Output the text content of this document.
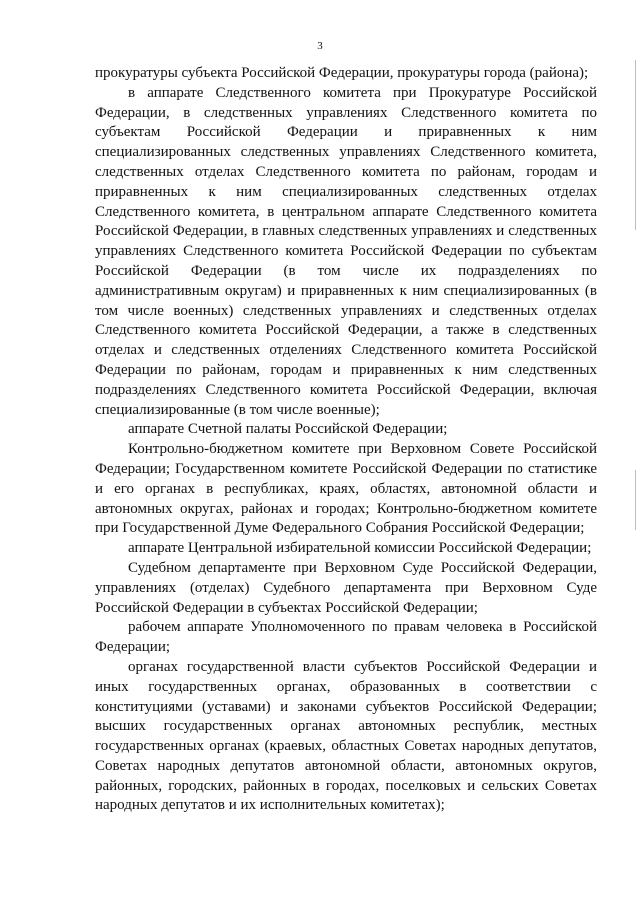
3

прокуратуры субъекта Российской Федерации, прокуратуры города (района);

в аппарате Следственного комитета при Прокуратуре Российской Федерации, в следственных управлениях Следственного комитета по субъектам Российской Федерации и приравненных к ним специализированных следственных управлениях Следственного комитета, следственных отделах Следственного комитета по районам, городам и приравненных к ним специализированных следственных отделах Следственного комитета, в центральном аппарате Следственного комитета Российской Федерации, в главных следственных управлениях и следственных управлениях Следственного комитета Российской Федерации по субъектам Российской Федерации (в том числе их подразделениях по административным округам) и приравненных к ним специализированных (в том числе военных) следственных управлениях и следственных отделах Следственного комитета Российской Федерации, а также в следственных отделах и следственных отделениях Следственного комитета Российской Федерации по районам, городам и приравненных к ним следственных подразделениях Следственного комитета Российской Федерации, включая специализированные (в том числе военные);

аппарате Счетной палаты Российской Федерации;

Контрольно-бюджетном комитете при Верховном Совете Российской Федерации; Государственном комитете Российской Федерации по статистике и его органах в республиках, краях, областях, автономной области и автономных округах, районах и городах; Контрольно-бюджетном комитете при Государственной Думе Федерального Собрания Российской Федерации;

аппарате Центральной избирательной комиссии Российской Федерации;

Судебном департаменте при Верховном Суде Российской Федерации, управлениях (отделах) Судебного департамента при Верховном Суде Российской Федерации в субъектах Российской Федерации;

рабочем аппарате Уполномоченного по правам человека в Российской Федерации;

органах государственной власти субъектов Российской Федерации и иных государственных органах, образованных в соответствии с конституциями (уставами) и законами субъектов Российской Федерации; высших государственных органах автономных республик, местных государственных органах (краевых, областных Советах народных депутатов, Советах народных депутатов автономной области, автономных округов, районных, городских, районных в городах, поселковых и сельских Советах народных депутатов и их исполнительных комитетах);
